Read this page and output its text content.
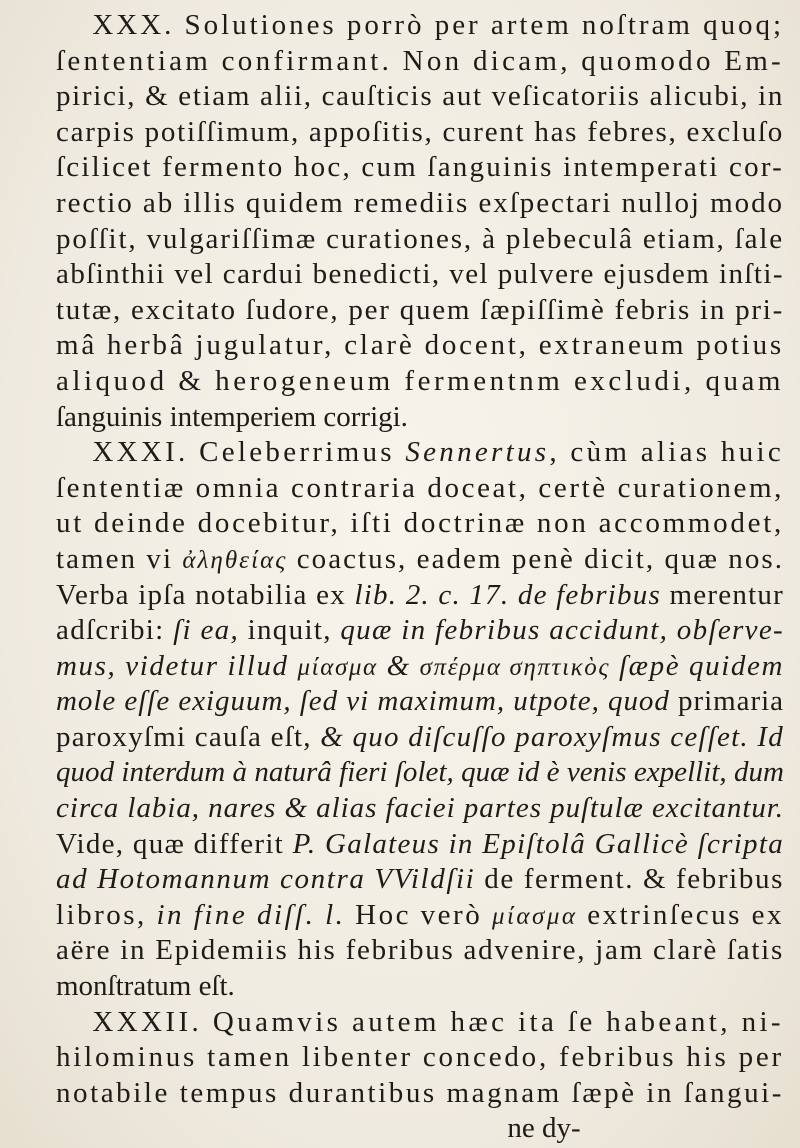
XXX. Solutiones porrò per artem noſtram quoq;
ſententiam confirmant. Non dicam, quomodo Em-
pirici, & etiam alii, cauſticis aut veſicatoriis alicubi, in
carpis potiſſimum, appoſitis, curent has febres, excluſo
ſcilicet fermento hoc, cum ſanguinis intemperati cor-
rectio ab illis quidem remediis exſpectari nulloj modo
poſſit, vulgariſſimæ curationes, à plebeculâ etiam, ſale
abſinthii vel cardui benedicti, vel pulvere ejusdem inſti-
tutæ, excitato ſudore, per quem ſæpiſſimè febris in pri-
mâ herbâ jugulatur, clarè docent, extraneum potius
aliquod & herogeneum fermentnm excludi, quam
ſanguinis intemperiem corrigi.
XXXI. Celeberrimus Sennertus, cùm alias huic
ſententiæ omnia contraria doceat, certè curationem,
ut deinde docebitur, iſti doctrinæ non accommodet,
tamen vi ἀληθείας coactus, eadem penè dicit, quæ nos.
Verba ipſa notabilia ex lib. 2. c. 17. de febribus merentur
adſcribi: ſi ea, inquit, quæ in febribus accidunt, obſerve-
mus, videtur illud μίασμα & σπέρμα σηπτικὸς ſæpè quidem
mole eſſe exiguum, ſed vi maximum, utpote, quod primaria
paroxyſmi cauſa eſt, & quo diſcuſſo paroxyſmus ceſſet. Id
quod interdum à naturâ fieri ſolet, quæ id è venis expellit, dum
circa labia, nares & alias faciei partes puſtulæ excitantur.
Vide, quæ differit P. Galateus in Epiſtolâ Gallicè ſcripta
ad Hotomannum contra VVildſii de ferment. & febribus
libros, in fine diſſ. l. Hoc verò μίασμα extrinſecus ex
aëre in Epidemiis his febribus advenire, jam clarè ſatis
monſtratum eſt.
XXXII. Quamvis autem hæc ita ſe habeant, ni-
hilominus tamen libenter concedo, febribus his per
notabile tempus durantibus magnam ſæpè in ſangui-
ne dy-
